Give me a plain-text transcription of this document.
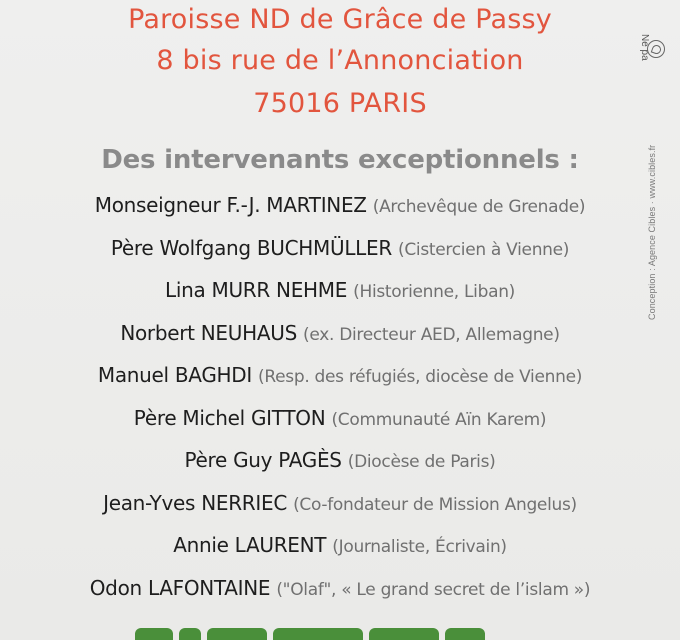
Paroisse ND de Grâce de Passy
8 bis rue de l’Annonciation
75016 PARIS
Des intervenants exceptionnels :
Monseigneur F.-J. MARTINEZ (Archevêque de Grenade)
Père Wolfgang BUCHMÜLLER (Cistercien à Vienne)
Lina MURR NEHME (Historienne, Liban)
Norbert NEUHAUS (ex. Directeur AED, Allemagne)
Manuel BAGHDI (Resp. des réfugiés, diocèse de Vienne)
Père Michel GITTON (Communauté Aïn Karem)
Père Guy PAGÈS (Diocèse de Paris)
Jean-Yves NERRIEC (Co-fondateur de Mission Angelus)
Annie LAURENT (Journaliste, Écrivain)
Odon LAFONTAINE ("Olaf", « Le grand secret de l’islam »)
Ne pa
Conception : Agence Cibles · www.cibles.fr
